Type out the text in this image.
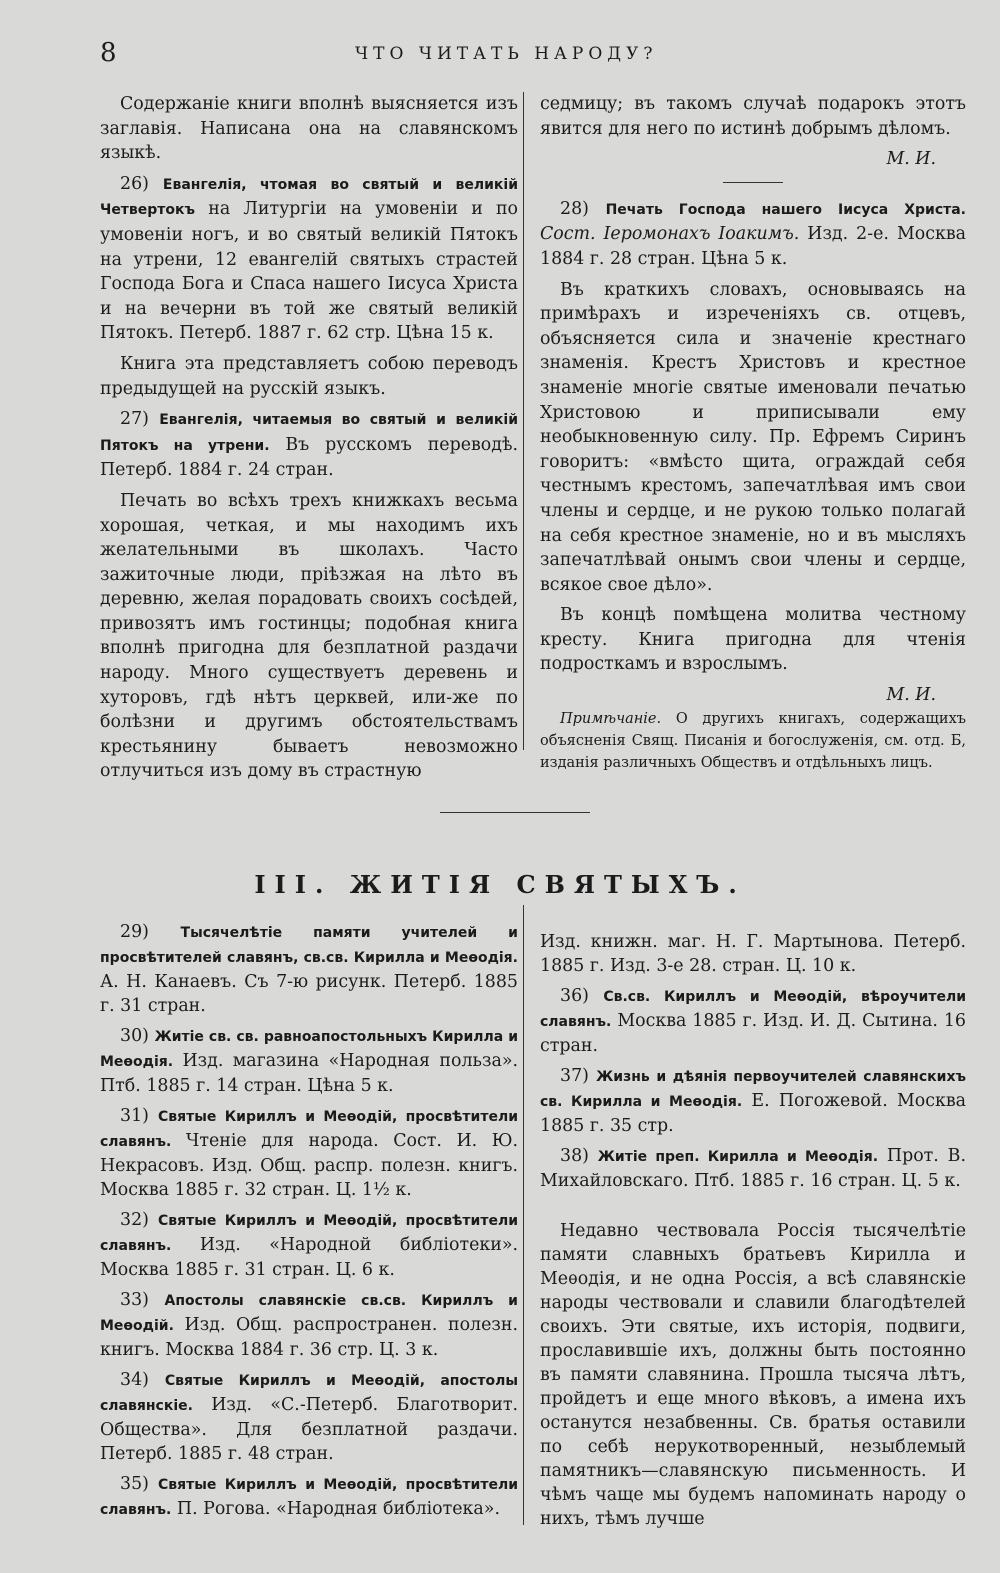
8	ЧТО ЧИТАТЬ НАРОДУ?

Содержаніе книги вполнѣ выясняется изъ заглавія. Написана она на славянскомъ языкѣ.

26) Евангелія, чтомая во святый и великій Четвертокъ на Литургіи на умовеніи и по умовеніи ногъ, и во святый великій Пятокъ на утрени, 12 евангелій святыхъ страстей Господа Бога и Спаса нашего Іисуса Христа и на вечерни въ той же святый великій Пятокъ. Петерб. 1887 г. 62 стр. Цѣна 15 к.

Книга эта представляетъ собою переводъ предыдущей на русскій языкъ.

27) Евангелія, читаемыя во святый и великій Пятокъ на утрени. Въ русскомъ переводѣ. Петерб. 1884 г. 24 стран.

Печать во всѣхъ трехъ книжкахъ весьма хорошая, четкая, и мы находимъ ихъ желательными въ школахъ. Часто зажиточные люди, пріѣзжая на лѣто въ деревню, желая порадовать своихъ сосѣдей, привозятъ имъ гостинцы; подобная книга вполнѣ пригодна для безплатной раздачи народу. Много существуетъ деревень и хуторовъ, гдѣ нѣтъ церквей, или-же по болѣзни и другимъ обстоятельствамъ крестьянину бываетъ невозможно отлучиться изъ дому въ страстную

седмицу; въ такомъ случаѣ подарокъ этотъ явится для него по истинѣ добрымъ дѣломъ.

М. И.

28) Печать Господа нашего Іисуса Христа. Сост. Іеромонахъ Іоакимъ. Изд. 2-е. Москва 1884 г. 28 стран. Цѣна 5 к.

Въ краткихъ словахъ, основываясь на примѣрахъ и изреченіяхъ св. отцевъ, объясняется сила и значеніе крестнаго знаменія. Крестъ Христовъ и крестное знаменіе многіе святые именовали печатью Христовою и приписывали ему необыкновенную силу. Пр. Ефремъ Сиринъ говоритъ: «вмѣсто щита, ограждай себя честнымъ крестомъ, запечатлѣвая имъ свои члены и сердце, и не рукою только полагай на себя крестное знаменіе, но и въ мысляхъ запечатлѣвай онымъ свои члены и сердце, всякое свое дѣло».

Въ концѣ помѣщена молитва честному кресту. Книга пригодна для чтенія подросткамъ и взрослымъ.

М. И.

Примѣчаніе. О другихъ книгахъ, содержащихъ объясненія Свящ. Писанія и богослуженія, см. отд. Б, изданія различныхъ Обществъ и отдѣльныхъ лицъ.

III. ЖИТІЯ СВЯТЫХЪ.

29) Тысячелѣтіе памяти учителей и просвѣтителей славянъ, св.св. Кирилла и Меѳодія. А. Н. Канаевъ. Съ 7-ю рисунк. Петерб. 1885 г. 31 стран.

30) Житіе св. св. равноапостольныхъ Кирилла и Меѳодія. Изд. магазина «Народная польза». Птб. 1885 г. 14 стран. Цѣна 5 к.

31) Святые Кириллъ и Меѳодій, просвѣтители славянъ. Чтеніе для народа. Сост. И. Ю. Некрасовъ. Изд. Общ. распр. полезн. книгъ. Москва 1885 г. 32 стран. Ц. 1½ к.

32) Святые Кириллъ и Меѳодій, просвѣтители славянъ. Изд. «Народной библіотеки». Москва 1885 г. 31 стран. Ц. 6 к.

33) Апостолы славянскіе св.св. Кириллъ и Меѳодій. Изд. Общ. распространен. полезн. книгъ. Москва 1884 г. 36 стр. Ц. 3 к.

34) Святые Кириллъ и Меѳодій, апостолы славянскіе. Изд. «С.-Петерб. Благотворит. Общества». Для безплатной раздачи. Петерб. 1885 г. 48 стран.

35) Святые Кириллъ и Меѳодій, просвѣтители славянъ. П. Рогова. «Народная библіотека».

Изд. книжн. маг. Н. Г. Мартынова. Петерб. 1885 г. Изд. 3-е 28. стран. Ц. 10 к.

36) Св.св. Кириллъ и Меѳодій, вѣроучители славянъ. Москва 1885 г. Изд. И. Д. Сытина. 16 стран.

37) Жизнь и дѣянія первоучителей славянскихъ св. Кирилла и Меѳодія. Е. Погожевой. Москва 1885 г. 35 стр.

38) Житіе преп. Кирилла и Меѳодія. Прот. В. Михайловскаго. Птб. 1885 г. 16 стран. Ц. 5 к.

Недавно чествовала Россія тысячелѣтіе памяти славныхъ братьевъ Кирилла и Меѳодія, и не одна Россія, а всѣ славянскіе народы чествовали и славили благодѣтелей своихъ. Эти святые, ихъ исторія, подвиги, прославившіе ихъ, должны быть постоянно въ памяти славянина. Прошла тысяча лѣтъ, пройдетъ и еще много вѣковъ, а имена ихъ останутся незабвенны. Св. братья оставили по себѣ нерукотворенный, незыблемый памятникъ—славянскую письменность. И чѣмъ чаще мы будемъ напоминать народу о нихъ, тѣмъ лучше
